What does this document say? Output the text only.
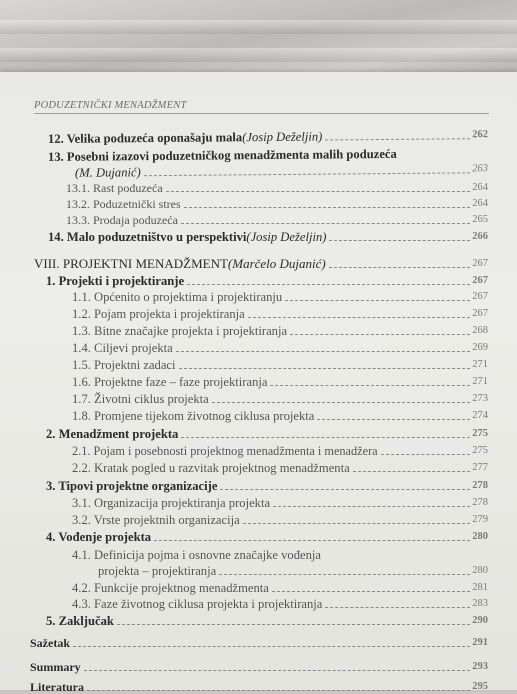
PODUZETNIČKI MENADŽMENT
12. Velika poduzeća oponašaju mala (Josip Deželjin)	262
13. Posebni izazovi poduzetničkog menadžmenta malih poduzeća
(M. Dujanić)	263
13.1. Rast poduzeća	264
13.2. Poduzetnički stres	264
13.3. Prodaja poduzeća	265
14. Malo poduzetništvo u perspektivi (Josip Deželjin)	266
VIII. PROJEKTNI MENADŽMENT (Marčelo Dujanić)	267
1. Projekti i projektiranje	267
1.1. Općenito o projektima i projektiranju	267
1.2. Pojam projekta i projektiranja	267
1.3. Bitne značajke projekta i projektiranja	268
1.4. Ciljevi projekta	269
1.5. Projektni zadaci	271
1.6. Projektne faze – faze projektiranja	271
1.7. Životni ciklus projekta	273
1.8. Promjene tijekom životnog ciklusa projekta	274
2. Menadžment projekta	275
2.1. Pojam i posebnosti projektnog menadžmenta i menadžera	275
2.2. Kratak pogled u razvitak projektnog menadžmenta	277
3. Tipovi projektne organizacije	278
3.1. Organizacija projektiranja projekta	278
3.2. Vrste projektnih organizacija	279
4. Vođenje projekta	280
4.1. Definicija pojma i osnovne značajke vođenja
projekta – projektiranja	280
4.2. Funkcije projektnog menadžmenta	281
4.3. Faze životnog ciklusa projekta i projektiranja	283
5. Zaključak	290
Sažetak	291
Summary	293
Literatura	295
